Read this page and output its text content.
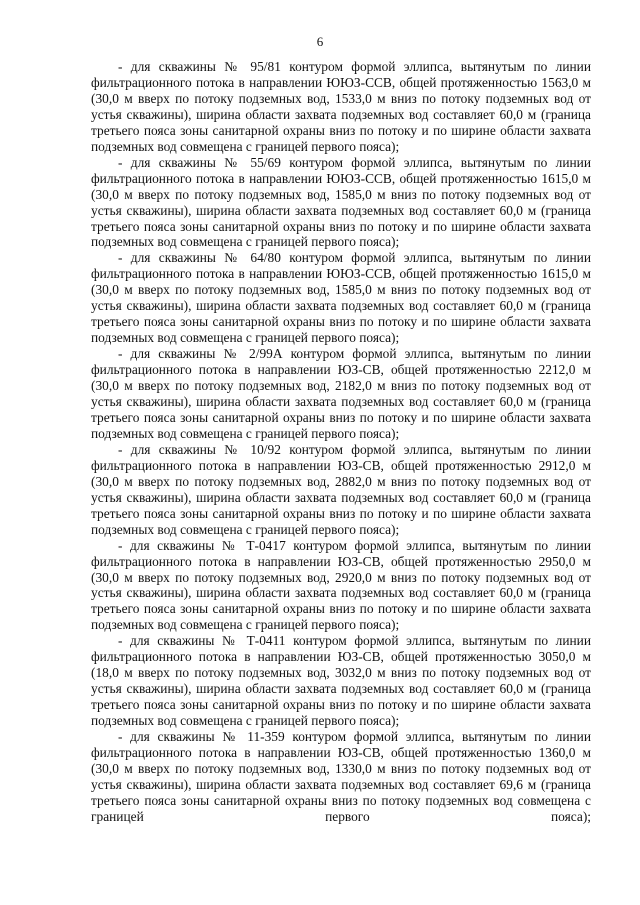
6

- для скважины № 95/81 контуром формой эллипса, вытянутым по линии фильтрационного потока в направлении ЮЮЗ-ССВ, общей протяженностью 1563,0 м (30,0 м вверх по потоку подземных вод, 1533,0 м вниз по потоку подземных вод от устья скважины), ширина области захвата подземных вод составляет 60,0 м (граница третьего пояса зоны санитарной охраны вниз по потоку и по ширине области захвата подземных вод совмещена с границей первого пояса);

- для скважины № 55/69 контуром формой эллипса, вытянутым по линии фильтрационного потока в направлении ЮЮЗ-ССВ, общей протяженностью 1615,0 м (30,0 м вверх по потоку подземных вод, 1585,0 м вниз по потоку подземных вод от устья скважины), ширина области захвата подземных вод составляет 60,0 м (граница третьего пояса зоны санитарной охраны вниз по потоку и по ширине области захвата подземных вод совмещена с границей первого пояса);

- для скважины № 64/80 контуром формой эллипса, вытянутым по линии фильтрационного потока в направлении ЮЮЗ-ССВ, общей протяженностью 1615,0 м (30,0 м вверх по потоку подземных вод, 1585,0 м вниз по потоку подземных вод от устья скважины), ширина области захвата подземных вод составляет 60,0 м (граница третьего пояса зоны санитарной охраны вниз по потоку и по ширине области захвата подземных вод совмещена с границей первого пояса);

- для скважины № 2/99А контуром формой эллипса, вытянутым по линии фильтрационного потока в направлении ЮЗ-СВ, общей протяженностью 2212,0 м (30,0 м вверх по потоку подземных вод, 2182,0 м вниз по потоку подземных вод от устья скважины), ширина области захвата подземных вод составляет 60,0 м (граница третьего пояса зоны санитарной охраны вниз по потоку и по ширине области захвата подземных вод совмещена с границей первого пояса);

- для скважины № 10/92 контуром формой эллипса, вытянутым по линии фильтрационного потока в направлении ЮЗ-СВ, общей протяженностью 2912,0 м (30,0 м вверх по потоку подземных вод, 2882,0 м вниз по потоку подземных вод от устья скважины), ширина области захвата подземных вод составляет 60,0 м (граница третьего пояса зоны санитарной охраны вниз по потоку и по ширине области захвата подземных вод совмещена с границей первого пояса);

- для скважины № Т-0417 контуром формой эллипса, вытянутым по линии фильтрационного потока в направлении ЮЗ-СВ, общей протяженностью 2950,0 м (30,0 м вверх по потоку подземных вод, 2920,0 м вниз по потоку подземных вод от устья скважины), ширина области захвата подземных вод составляет 60,0 м (граница третьего пояса зоны санитарной охраны вниз по потоку и по ширине области захвата подземных вод совмещена с границей первого пояса);

- для скважины № Т-0411 контуром формой эллипса, вытянутым по линии фильтрационного потока в направлении ЮЗ-СВ, общей протяженностью 3050,0 м (18,0 м вверх по потоку подземных вод, 3032,0 м вниз по потоку подземных вод от устья скважины), ширина области захвата подземных вод составляет 60,0 м (граница третьего пояса зоны санитарной охраны вниз по потоку и по ширине области захвата подземных вод совмещена с границей первого пояса);

- для скважины № 11-359 контуром формой эллипса, вытянутым по линии фильтрационного потока в направлении ЮЗ-СВ, общей протяженностью 1360,0 м (30,0 м вверх по потоку подземных вод, 1330,0 м вниз по потоку подземных вод от устья скважины), ширина области захвата подземных вод составляет 69,6 м (граница третьего пояса зоны санитарной охраны вниз по потоку подземных вод совмещена с границей первого пояса);
